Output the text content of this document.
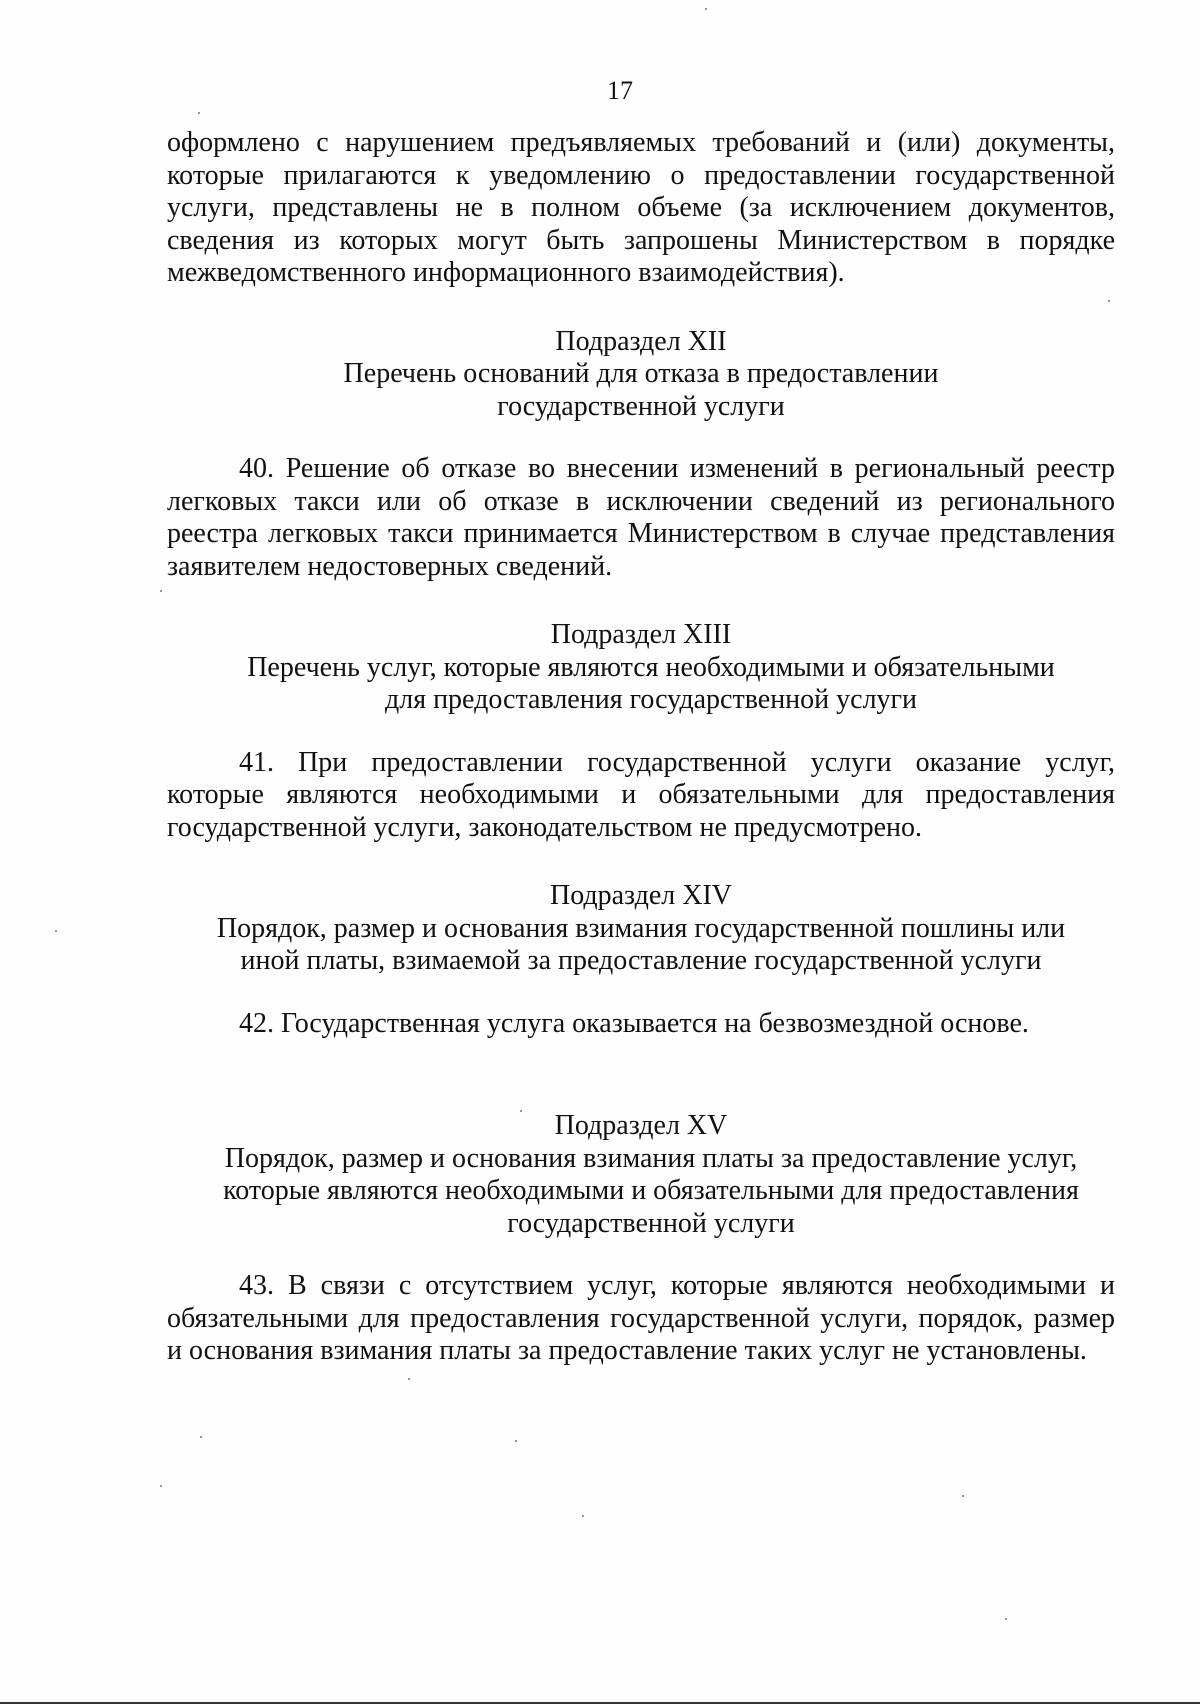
17

оформлено с нарушением предъявляемых требований и (или) документы, которые прилагаются к уведомлению о предоставлении государственной услуги, представлены не в полном объеме (за исключением документов, сведения из которых могут быть запрошены Министерством в порядке межведомственного информационного взаимодействия).

Подраздел XII
Перечень оснований для отказа в предоставлении государственной услуги

40. Решение об отказе во внесении изменений в региональный реестр легковых такси или об отказе в исключении сведений из регионального реестра легковых такси принимается Министерством в случае представления заявителем недостоверных сведений.

Подраздел XIII
Перечень услуг, которые являются необходимыми и обязательными для предоставления государственной услуги

41. При предоставлении государственной услуги оказание услуг, которые являются необходимыми и обязательными для предоставления государственной услуги, законодательством не предусмотрено.

Подраздел XIV
Порядок, размер и основания взимания государственной пошлины или иной платы, взимаемой за предоставление государственной услуги

42. Государственная услуга оказывается на безвозмездной основе.

Подраздел XV
Порядок, размер и основания взимания платы за предоставление услуг, которые являются необходимыми и обязательными для предоставления государственной услуги

43. В связи с отсутствием услуг, которые являются необходимыми и обязательными для предоставления государственной услуги, порядок, размер и основания взимания платы за предоставление таких услуг не установлены.
